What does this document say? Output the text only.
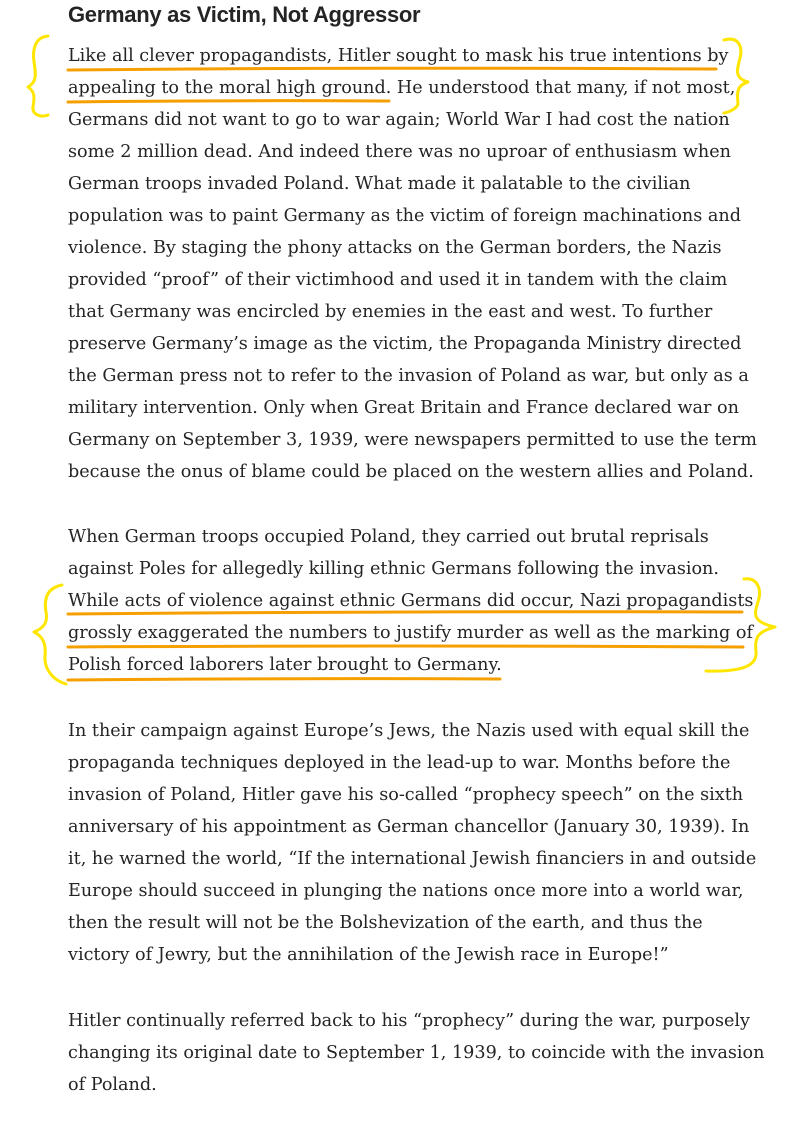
Germany as Victim, Not Aggressor

Like all clever propagandists, Hitler sought to mask his true intentions by
appealing to the moral high ground. He understood that many, if not most,
Germans did not want to go to war again; World War I had cost the nation
some 2 million dead. And indeed there was no uproar of enthusiasm when
German troops invaded Poland. What made it palatable to the civilian
population was to paint Germany as the victim of foreign machinations and
violence. By staging the phony attacks on the German borders, the Nazis
provided “proof” of their victimhood and used it in tandem with the claim
that Germany was encircled by enemies in the east and west. To further
preserve Germany’s image as the victim, the Propaganda Ministry directed
the German press not to refer to the invasion of Poland as war, but only as a
military intervention. Only when Great Britain and France declared war on
Germany on September 3, 1939, were newspapers permitted to use the term
because the onus of blame could be placed on the western allies and Poland.

When German troops occupied Poland, they carried out brutal reprisals
against Poles for allegedly killing ethnic Germans following the invasion.
While acts of violence against ethnic Germans did occur, Nazi propagandists
grossly exaggerated the numbers to justify murder as well as the marking of
Polish forced laborers later brought to Germany.

In their campaign against Europe’s Jews, the Nazis used with equal skill the
propaganda techniques deployed in the lead-up to war. Months before the
invasion of Poland, Hitler gave his so-called “prophecy speech” on the sixth
anniversary of his appointment as German chancellor (January 30, 1939). In
it, he warned the world, “If the international Jewish financiers in and outside
Europe should succeed in plunging the nations once more into a world war,
then the result will not be the Bolshevization of the earth, and thus the
victory of Jewry, but the annihilation of the Jewish race in Europe!”

Hitler continually referred back to his “prophecy” during the war, purposely
changing its original date to September 1, 1939, to coincide with the invasion
of Poland.
